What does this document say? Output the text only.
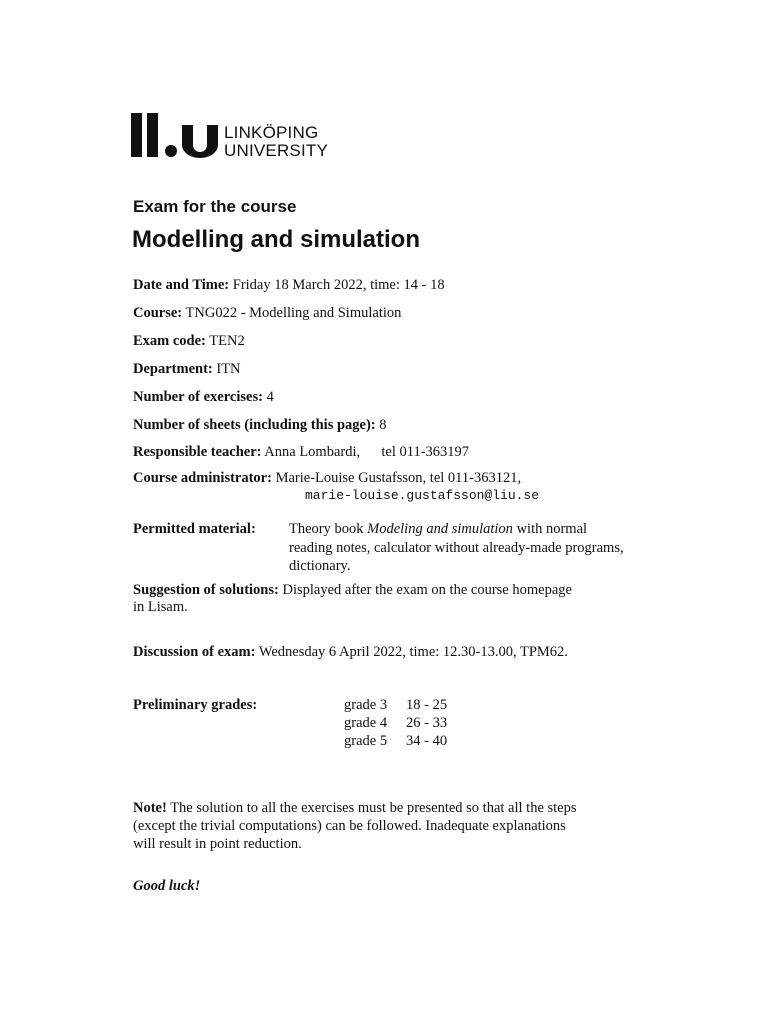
LINKÖPING
UNIVERSITY
Exam for the course
Modelling and simulation
Date and Time: Friday 18 March 2022, time: 14 - 18
Course: TNG022 - Modelling and Simulation
Exam code: TEN2
Department: ITN
Number of exercises: 4
Number of sheets (including this page): 8
Responsible teacher: Anna Lombardi, tel 011-363197
Course administrator: Marie-Louise Gustafsson, tel 011-363121,
marie-louise.gustafsson@liu.se
Permitted material: Theory book Modeling and simulation with normal
reading notes, calculator without already-made programs,
dictionary.
Suggestion of solutions: Displayed after the exam on the course homepage
in Lisam.
Discussion of exam: Wednesday 6 April 2022, time: 12.30-13.00, TPM62.
Preliminary grades:	grade 3 18 - 25
grade 4 26 - 33
grade 5 34 - 40
Note! The solution to all the exercises must be presented so that all the steps
(except the trivial computations) can be followed. Inadequate explanations
will result in point reduction.
Good luck!
